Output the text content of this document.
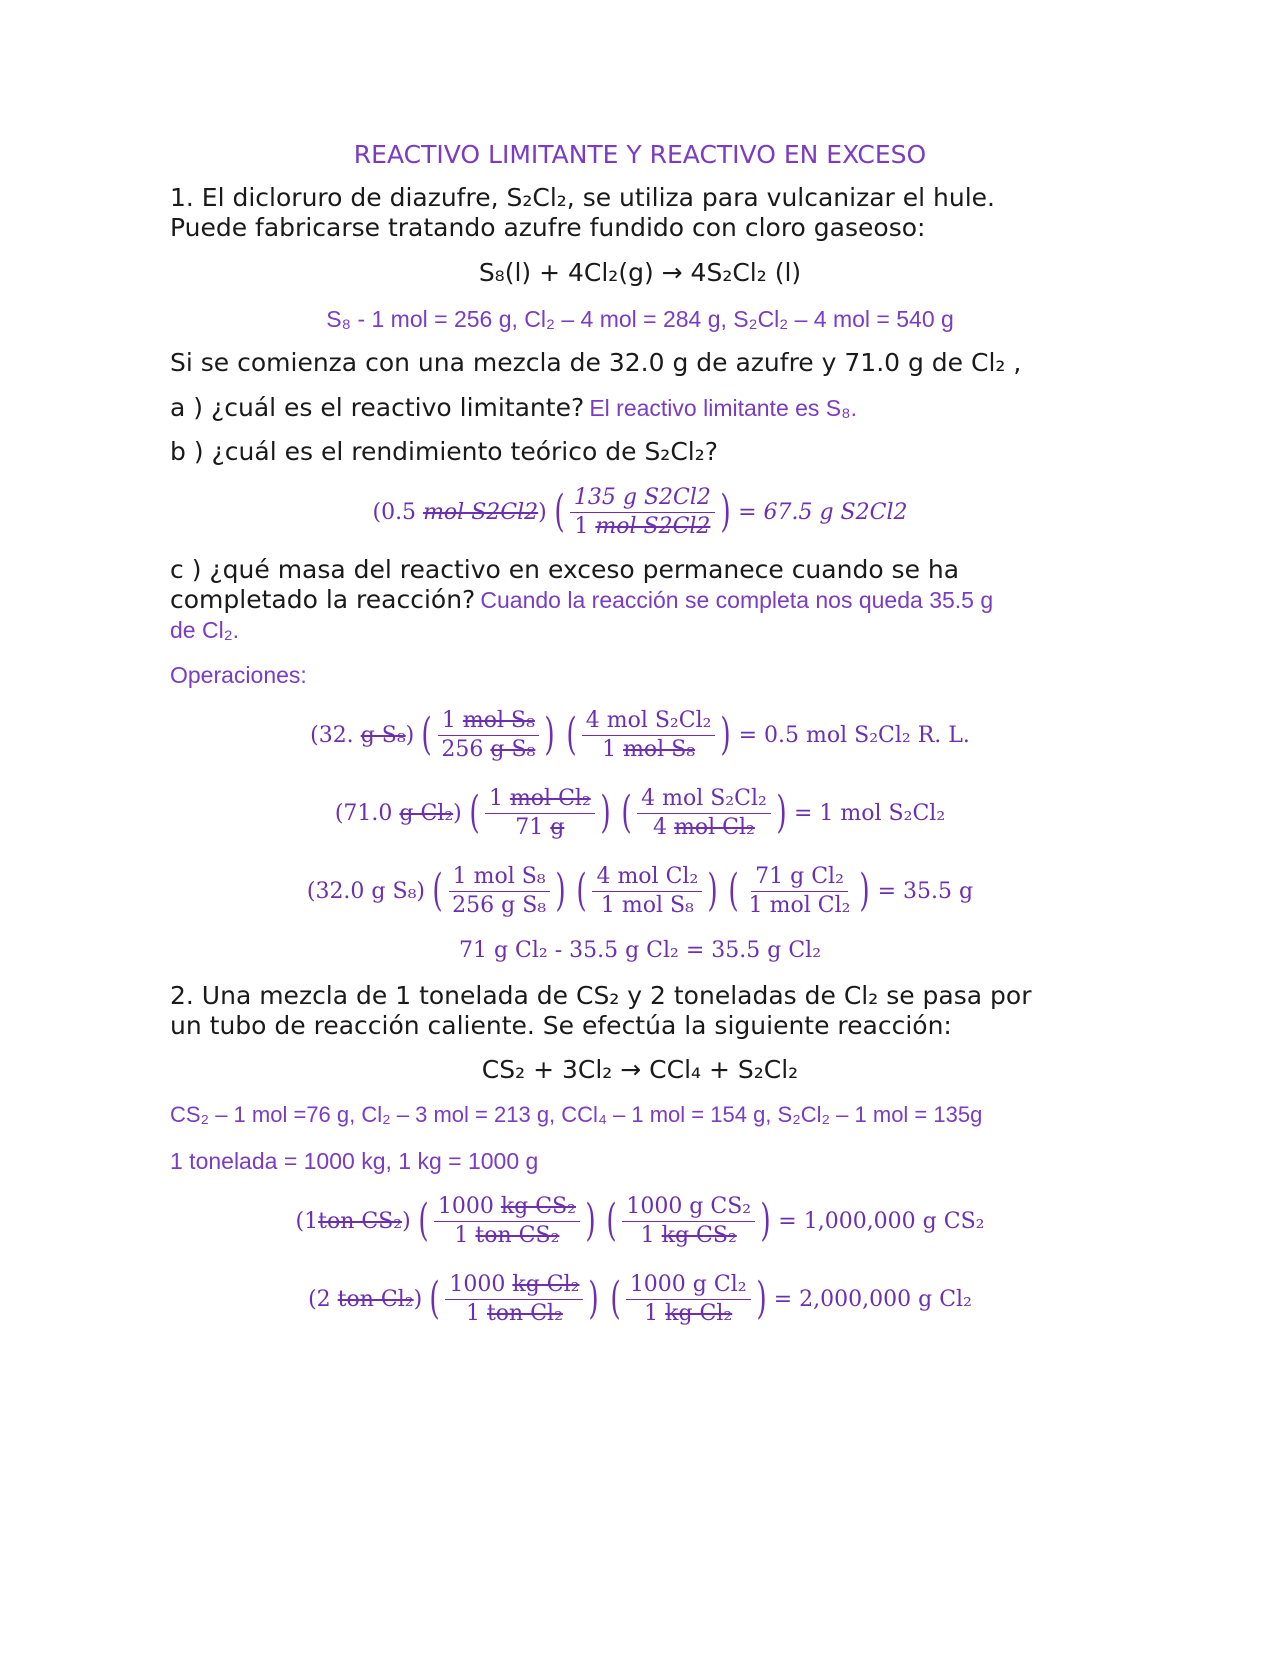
REACTIVO LIMITANTE Y REACTIVO EN EXCESO
1. El dicloruro de diazufre, S₂Cl₂, se utiliza para vulcanizar el hule.
Puede fabricarse tratando azufre fundido con cloro gaseoso:
S₈(l) + 4Cl₂(g) → 4S₂Cl₂ (l)
S₈ - 1 mol = 256 g, Cl₂ – 4 mol = 284 g, S₂Cl₂ – 4 mol = 540 g
Si se comienza con una mezcla de 32.0 g de azufre y 71.0 g de Cl₂ ,
a ) ¿cuál es el reactivo limitante? El reactivo limitante es S₈.
b ) ¿cuál es el rendimiento teórico de S₂Cl₂?
(0.5 mol S2Cl2) ( $\frac{\text{135 g S2Cl2}}{\text{1 mol S2Cl2}}$ ) = 67.5 g S2Cl2
c ) ¿qué masa del reactivo en exceso permanece cuando se ha
completado la reacción? Cuando la reacción se completa nos queda 35.5 g
de Cl₂.
Operaciones:
(32. g S₈) ( $\frac{\text{1 mol S₈}}{\text{256 g S₈}}$ ) ( $\frac{\text{4 mol S₂Cl₂}}{\text{1 mol S₈}}$ ) = 0.5 mol S₂Cl₂ R. L.
(71.0 g Cl₂) ( $\frac{\text{1 mol Cl₂}}{71 g}$ ) ( $\frac{\text{4 mol S₂Cl₂}}{\text{4 mol Cl₂}}$ ) = 1 mol S₂Cl₂
(32.0 g S₈) ( $\frac{\text{1 mol S₈}}{\text{256 g S₈}}$ ) ( $\frac{\text{4 mol Cl₂}}{\text{1 mol S₈}}$ ) ( $\frac{\text{71 g Cl₂}}{\text{1 mol Cl₂}}$ ) = 35.5 g
71 g Cl₂ - 35.5 g Cl₂ = 35.5 g Cl₂
2. Una mezcla de 1 tonelada de CS₂ y 2 toneladas de Cl₂ se pasa por
un tubo de reacción caliente. Se efectúa la siguiente reacción:
CS₂ + 3Cl₂ → CCl₄ + S₂Cl₂
CS₂ – 1 mol =76 g, Cl₂ – 3 mol = 213 g, CCl₄ – 1 mol = 154 g, S₂Cl₂ – 1 mol = 135g
1 tonelada = 1000 kg, 1 kg = 1000 g
(1ton CS₂) ( $\frac{\text{1000 kg CS₂}}{\text{1 ton CS₂}}$ ) ( $\frac{\text{1000 g CS₂}}{\text{1 kg CS₂}}$ ) = 1,000,000 g CS₂
(2 ton Cl₂) ( $\frac{\text{1000 kg Cl₂}}{\text{1 ton Cl₂}}$ ) ( $\frac{\text{1000 g Cl₂}}{\text{1 kg Cl₂}}$ ) = 2,000,000 g Cl₂
